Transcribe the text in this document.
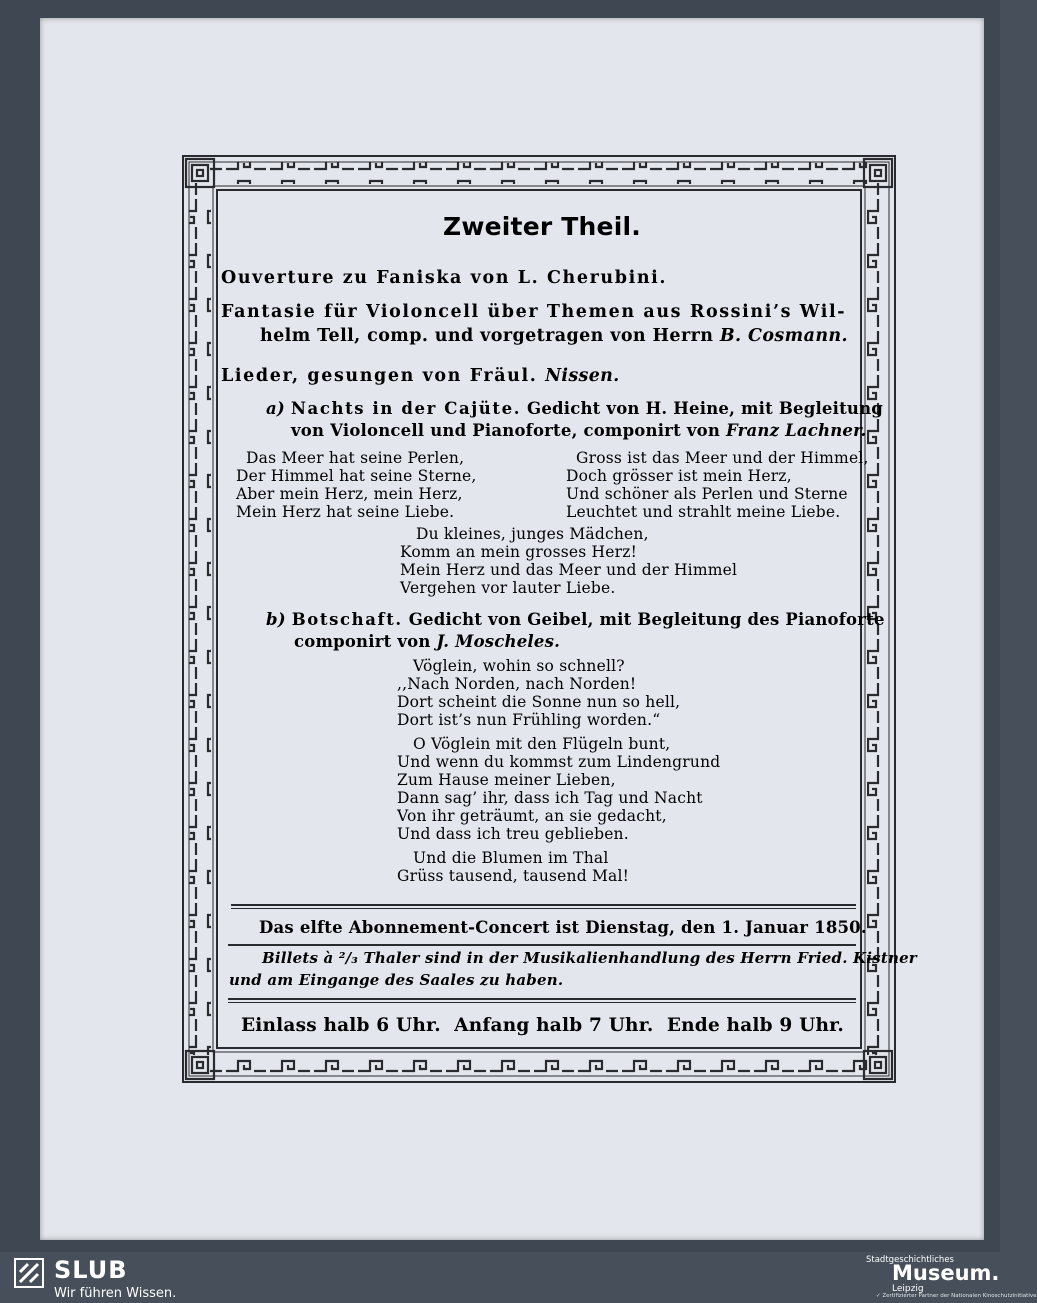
Zweiter Theil.
Ouverture zu Faniska von L. Cherubini.
Fantasie für Violoncell über Themen aus Rossini’s Wil-
helm Tell, comp. und vorgetragen von Herrn B. Cosmann.
Lieder, gesungen von Fräul. Nissen.
a) Nachts in der Cajüte. Gedicht von H. Heine, mit Begleitung
von Violoncell und Pianoforte, componirt von Franz Lachner.
Das Meer hat seine Perlen,
Der Himmel hat seine Sterne,
Aber mein Herz, mein Herz,
Mein Herz hat seine Liebe.
Gross ist das Meer und der Himmel,
Doch grösser ist mein Herz,
Und schöner als Perlen und Sterne
Leuchtet und strahlt meine Liebe.
Du kleines, junges Mädchen,
Komm an mein grosses Herz!
Mein Herz und das Meer und der Himmel
Vergehen vor lauter Liebe.
b) Botschaft. Gedicht von Geibel, mit Begleitung des Pianoforte
componirt von J. Moscheles.
Vöglein, wohin so schnell?
,,Nach Norden, nach Norden!
Dort scheint die Sonne nun so hell,
Dort ist’s nun Frühling worden.“
O Vöglein mit den Flügeln bunt,
Und wenn du kommst zum Lindengrund
Zum Hause meiner Lieben,
Dann sag’ ihr, dass ich Tag und Nacht
Von ihr geträumt, an sie gedacht,
Und dass ich treu geblieben.
Und die Blumen im Thal
Grüss tausend, tausend Mal!
Das elfte Abonnement-Concert ist Dienstag, den 1. Januar 1850.
Billets à ²/₃ Thaler sind in der Musikalienhandlung des Herrn Fried. Kistner
und am Eingange des Saales zu haben.
Einlass halb 6 Uhr.  Anfang halb 7 Uhr.  Ende halb 9 Uhr.
SLUB
Wir führen Wissen.
Stadtgeschichtliches
Museum.
Leipzig
✓ Zertifizierter Partner der Nationalen Kinoschutzinitiative
